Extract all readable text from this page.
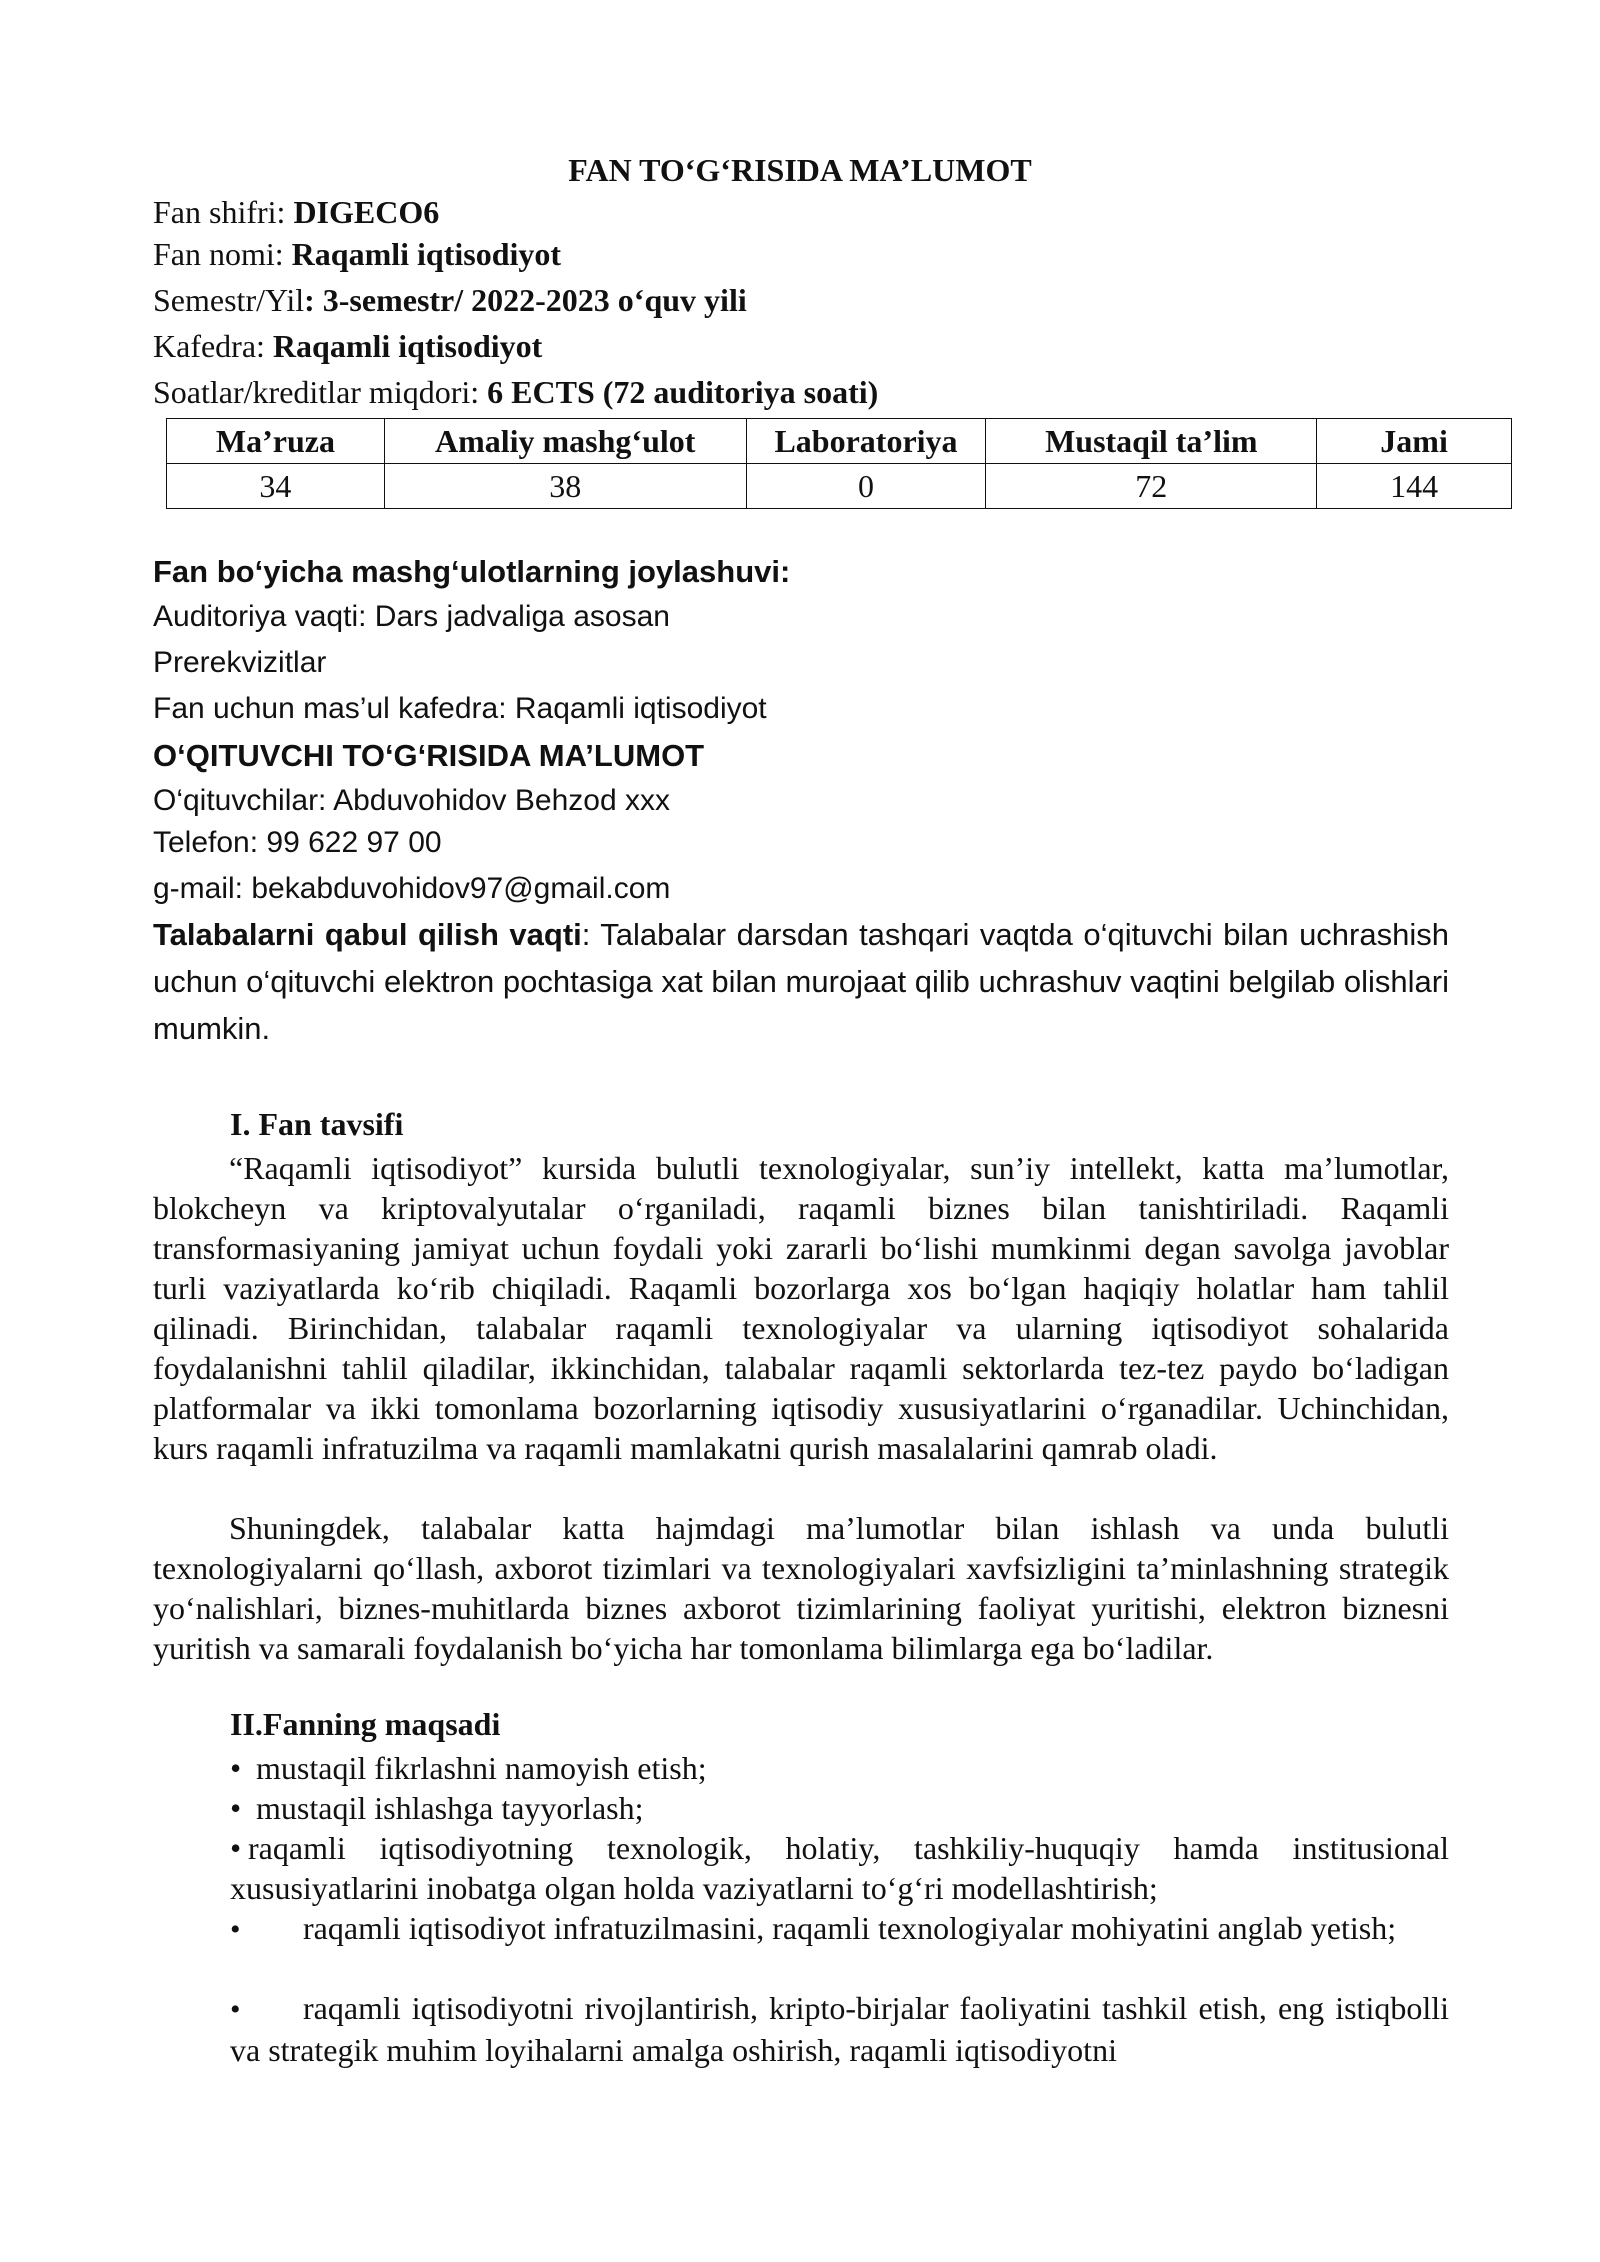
FAN TO‘G‘RISIDA MA’LUMOT
Fan shifri: DIGECO6
Fan nomi: Raqamli iqtisodiyot
Semestr/Yil: 3-semestr/ 2022-2023 o‘quv yili
Kafedra: Raqamli iqtisodiyot
Soatlar/kreditlar miqdori: 6 ECTS (72 auditoriya soati)
Ma’ruza	Amaliy mashg‘ulot	Laboratoriya	Mustaqil ta’lim	Jami
34	38	0	72	144
Fan bo‘yicha mashg‘ulotlarning joylashuvi:
Auditoriya vaqti: Dars jadvaliga asosan
Prerekvizitlar
Fan uchun mas’ul kafedra: Raqamli iqtisodiyot
O‘QITUVCHI TO‘G‘RISIDA MA’LUMOT
O‘qituvchilar: Abduvohidov Behzod xxx
Telefon: 99 622 97 00
g-mail: bekabduvohidov97@gmail.com
Talabalarni qabul qilish vaqti: Talabalar darsdan tashqari vaqtda o‘qituvchi bilan uchrashish uchun o‘qituvchi elektron pochtasiga xat bilan murojaat qilib uchrashuv vaqtini belgilab olishlari mumkin.
I. Fan tavsifi
“Raqamli iqtisodiyot” kursida bulutli texnologiyalar, sun’iy intellekt, katta ma’lumotlar, blokcheyn va kriptovalyutalar o‘rganiladi, raqamli biznes bilan tanishtiriladi. Raqamli transformasiyaning jamiyat uchun foydali yoki zararli bo‘lishi mumkinmi degan savolga javoblar turli vaziyatlarda ko‘rib chiqiladi. Raqamli bozorlarga xos bo‘lgan haqiqiy holatlar ham tahlil qilinadi. Birinchidan, talabalar raqamli texnologiyalar va ularning iqtisodiyot sohalarida foydalanishni tahlil qiladilar, ikkinchidan, talabalar raqamli sektorlarda tez-tez paydo bo‘ladigan platformalar va ikki tomonlama bozorlarning iqtisodiy xususiyatlarini o‘rganadilar. Uchinchidan, kurs raqamli infratuzilma va raqamli mamlakatni qurish masalalarini qamrab oladi.
Shuningdek, talabalar katta hajmdagi ma’lumotlar bilan ishlash va unda bulutli texnologiyalarni qo‘llash, axborot tizimlari va texnologiyalari xavfsizligini ta’minlashning strategik yo‘nalishlari, biznes-muhitlarda biznes axborot tizimlarining faoliyat yuritishi, elektron biznesni yuritish va samarali foydalanish bo‘yicha har tomonlama bilimlarga ega bo‘ladilar.
II.Fanning maqsadi
• mustaqil fikrlashni namoyish etish;
• mustaqil ishlashga tayyorlash;
• raqamli iqtisodiyotning texnologik, holatiy, tashkiliy-huquqiy hamda institusional xususiyatlarini inobatga olgan holda vaziyatlarni to‘g‘ri modellashtirish;
• raqamli iqtisodiyot infratuzilmasini, raqamli texnologiyalar mohiyatini anglab yetish;
• raqamli iqtisodiyotni rivojlantirish, kripto-birjalar faoliyatini tashkil etish, eng istiqbolli va strategik muhim loyihalarni amalga oshirish, raqamli iqtisodiyotni
